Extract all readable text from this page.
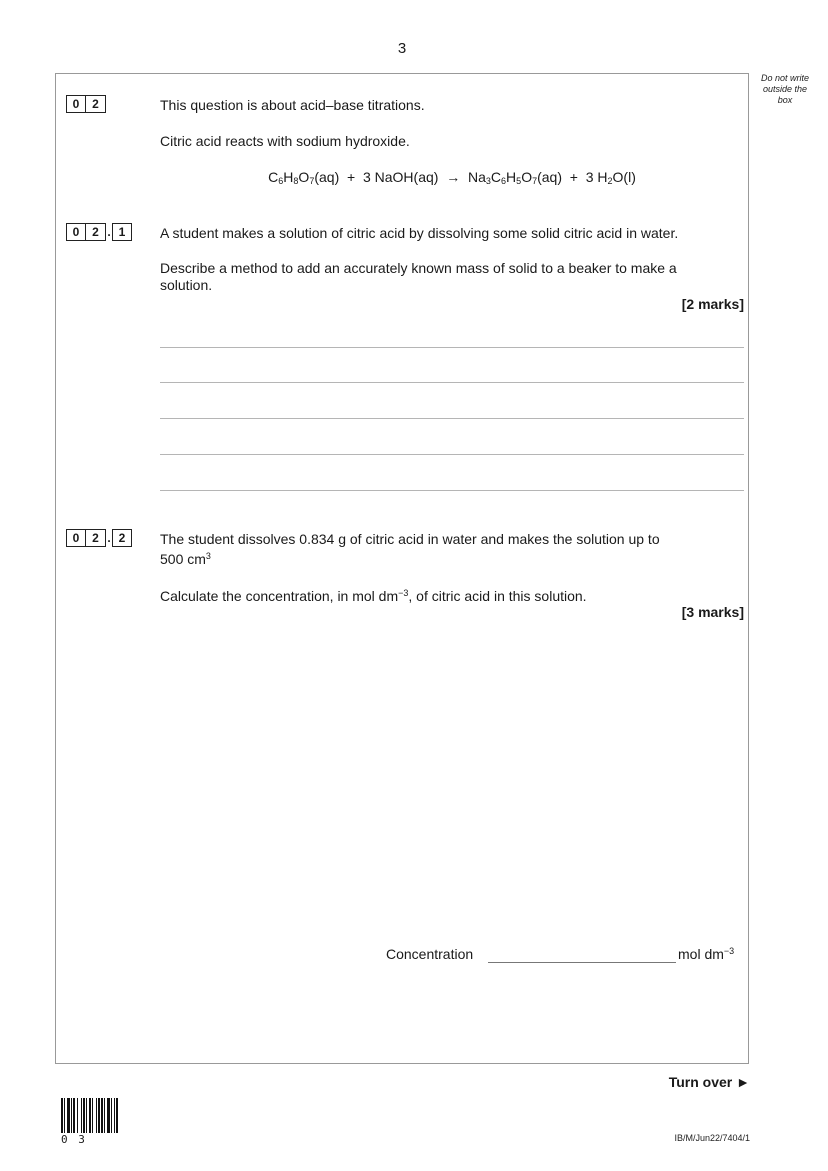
3
Do not write
outside the
box
0	2	This question is about acid–base titrations.
Citric acid reacts with sodium hydroxide.
$C_6H_8O_7(aq) + 3$ NaOH(aq)  →  $Na_3C_6H_5O_7(aq) + 3$ $H_2O(l)$
0	2 . 1	A student makes a solution of citric acid by dissolving some solid citric acid in water.
Describe a method to add an accurately known mass of solid to a beaker to make a solution.
[2 marks]
0	2 . 2	The student dissolves 0.834 g of citric acid in water and makes the solution up to
500 $cm^3$
Calculate the concentration, in mol $dm^{-3}$, of citric acid in this solution.
[3 marks]
Concentration	mol $dm^{-3}$
Turn over ►
0 3	IB/M/Jun22/7404/1
